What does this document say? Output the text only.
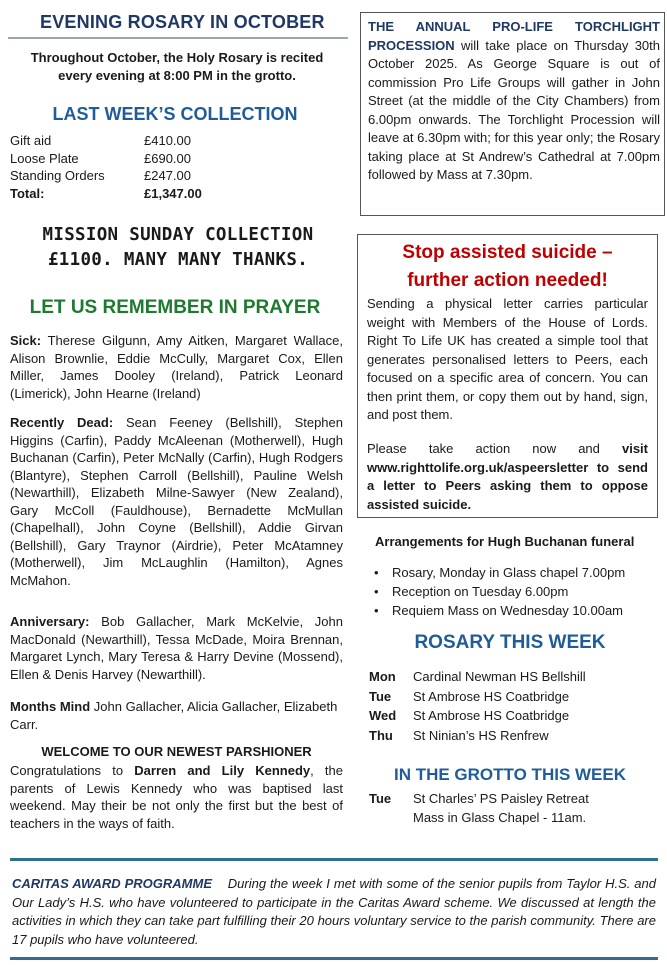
EVENING ROSARY IN OCTOBER
Throughout October, the Holy Rosary is recited every evening at 8:00 PM in the grotto.
LAST WEEK’S COLLECTION
Gift aid	£410.00
Loose Plate	£690.00
Standing Orders	£247.00
Total:	£1,347.00
MISSION SUNDAY COLLECTION
£1100. MANY MANY THANKS.
LET US REMEMBER IN PRAYER

Sick: Therese Gilgunn, Amy Aitken, Margaret Wallace, Alison Brownlie, Eddie McCully, Margaret Cox, Ellen Miller, James Dooley (Ireland), Patrick Leonard (Limerick), John Hearne (Ireland)

Recently Dead: Sean Feeney (Bellshill), Stephen Higgins (Carfin), Paddy McAleenan (Motherwell), Hugh Buchanan (Carfin), Peter McNally (Carfin), Hugh Rodgers (Blantyre), Stephen Carroll (Bellshill), Pauline Welsh (Newarthill), Elizabeth Milne-Sawyer (New Zealand), Gary McColl (Fauldhouse), Bernadette McMullan (Chapelhall), John Coyne (Bellshill), Addie Girvan (Bellshill), Gary Traynor (Airdrie), Peter McAtamney (Motherwell), Jim McLaughlin (Hamilton), Agnes McMahon.

Anniversary: Bob Gallacher, Mark McKelvie, John MacDonald (Newarthill), Tessa McDade, Moira Brennan, Margaret Lynch, Mary Teresa & Harry Devine (Mossend), Ellen & Denis Harvey (Newarthill).

Months Mind John Gallacher, Alicia Gallacher, Elizabeth Carr.

WELCOME TO OUR NEWEST PARSHIONER

Congratulations to Darren and Lily Kennedy, the parents of Lewis Kennedy who was baptised last weekend. May their be not only the first but the best of teachers in the ways of faith.

THE ANNUAL PRO-LIFE TORCHLIGHT PROCESSION will take place on Thursday 30th October 2025. As George Square is out of commission Pro Life Groups will gather in John Street (at the middle of the City Chambers) from 6.00pm onwards. The Torchlight Procession will leave at 6.30pm with; for this year only; the Rosary taking place at St Andrew’s Cathedral at 7.00pm followed by Mass at 7.30pm.

Stop assisted suicide –
further action needed!

Sending a physical letter carries particular weight with Members of the House of Lords. Right To Life UK has created a simple tool that generates personalised letters to Peers, each focused on a specific area of concern. You can then print them, or copy them out by hand, sign, and post them.

Please take action now and visit www.righttolife.org.uk/aspeersletter to send a letter to Peers asking them to oppose assisted suicide.

Arrangements for Hugh Buchanan funeral
• Rosary, Monday in Glass chapel 7.00pm
• Reception on Tuesday 6.00pm
• Requiem Mass on Wednesday 10.00am
ROSARY THIS WEEK
Mon	Cardinal Newman HS Bellshill
Tue	St Ambrose HS Coatbridge
Wed	St Ambrose HS Coatbridge
Thu	St Ninian’s HS Renfrew
IN THE GROTTO THIS WEEK
Tue St Charles’ PS Paisley Retreat
Mass in Glass Chapel - 11am.

CARITAS AWARD PROGRAMME During the week I met with some of the senior pupils from Taylor H.S. and Our Lady’s H.S. who have volunteered to participate in the Caritas Award scheme. We discussed at length the activities in which they can take part fulfilling their 20 hours voluntary service to the parish community. There are 17 pupils who have volunteered.
